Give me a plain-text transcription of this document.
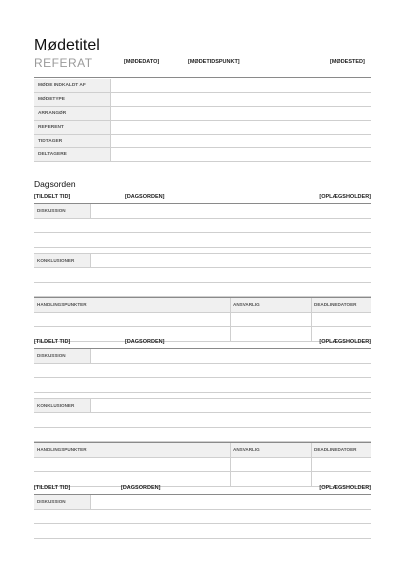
Mødetitel
REFERAT	[MØDEDATO]	[MØDETIDSPUNKT]	[MØDESTED]
MØDE INDKALDT AF	
MØDETYPE	
ARRANGØR	
REFERENT	
TIDTAGER	
DELTAGERE	
Dagsorden
[TILDELT TID]	[DAGSORDEN]	[OPLÆGSHOLDER]
DISKUSSION
KONKLUSIONER
HANDLINGSPUNKTER	ANSVARLIG	DEADLINEDATOER
[TILDELT TID]	[DAGSORDEN]	[OPLÆGSHOLDER]
DISKUSSION
KONKLUSIONER
HANDLINGSPUNKTER	ANSVARLIG	DEADLINEDATOER
[TILDELT TID]	[DAGSORDEN]	[OPLÆGSHOLDER]
DISKUSSION
